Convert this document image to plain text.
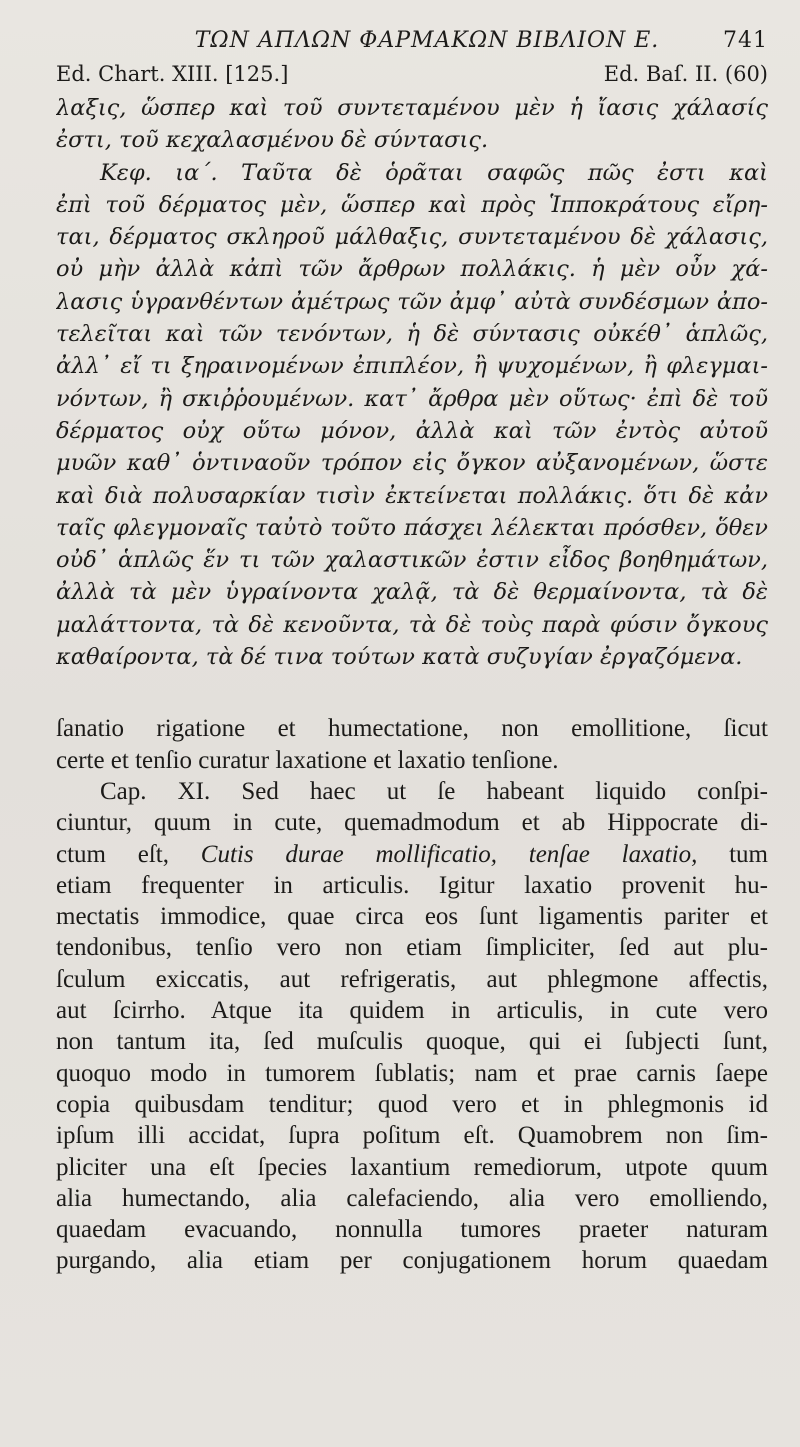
ΤΩΝ ΑΠΛΩΝ ΦΑΡΜΑΚΩΝ ΒΙΒΛΙΟΝ Ε.	741
Ed. Chart. XIII. [125.]	Ed. Baſ. II. (60)
λαξις, ὥσπερ καὶ τοῦ συντεταμένου μὲν ἡ ἴασις χάλασίς
ἐστι, τοῦ κεχαλασμένου δὲ σύντασις.
Κεφ. ια΄. Ταῦτα δὲ ὁρᾶται σαφῶς πῶς ἐστι καὶ
ἐπὶ τοῦ δέρματος μὲν, ὥσπερ καὶ πρὸς Ἱπποκράτους εἴρη-
ται, δέρματος σκληροῦ μάλθαξις, συντεταμένου δὲ χάλασις,
οὐ μὴν ἀλλὰ κἀπὶ τῶν ἄρθρων πολλάκις. ἡ μὲν οὖν χά-
λασις ὑγρανθέντων ἀμέτρως τῶν ἀμφ᾽ αὐτὰ συνδέσμων ἀπο-
τελεῖται καὶ τῶν τενόντων, ἡ δὲ σύντασις οὐκέθ᾽ ἁπλῶς,
ἀλλ᾽ εἴ τι ξηραινομένων ἐπιπλέον, ἢ ψυχομένων, ἢ φλεγμαι-
νόντων, ἢ σκιῤῥουμένων. κατ᾽ ἄρθρα μὲν οὕτως· ἐπὶ δὲ τοῦ
δέρματος οὐχ οὕτω μόνον, ἀλλὰ καὶ τῶν ἐντὸς αὐτοῦ
μυῶν καθ᾽ ὁντιναοῦν τρόπον εἰς ὄγκον αὐξανομένων, ὥστε
καὶ διὰ πολυσαρκίαν τισὶν ἐκτείνεται πολλάκις. ὅτι δὲ κἀν
ταῖς φλεγμοναῖς ταὐτὸ τοῦτο πάσχει λέλεκται πρόσθεν, ὅθεν
οὐδ᾽ ἁπλῶς ἕν τι τῶν χαλαστικῶν ἐστιν εἶδος βοηθημάτων,
ἀλλὰ τὰ μὲν ὑγραίνοντα χαλᾷ, τὰ δὲ θερμαίνοντα, τὰ δὲ
μαλάττοντα, τὰ δὲ κενοῦντα, τὰ δὲ τοὺς παρὰ φύσιν ὄγκους
καθαίροντα, τὰ δέ τινα τούτων κατὰ συζυγίαν ἐργαζόμενα.
ſanatio rigatione et humectatione, non emollitione, ſicut
certe et tenſio curatur laxatione et laxatio tenſione.
Cap. XI. Sed haec ut ſe habeant liquido conſpi-
ciuntur, quum in cute, quemadmodum et ab Hippocrate di-
ctum eſt, Cutis durae mollificatio, tenſae laxatio, tum
etiam frequenter in articulis. Igitur laxatio provenit hu-
mectatis immodice, quae circa eos ſunt ligamentis pariter et
tendonibus, tenſio vero non etiam ſimpliciter, ſed aut plu-
ſculum exiccatis, aut refrigeratis, aut phlegmone affectis,
aut ſcirrho. Atque ita quidem in articulis, in cute vero
non tantum ita, ſed muſculis quoque, qui ei ſubjecti ſunt,
quoquo modo in tumorem ſublatis; nam et prae carnis ſaepe
copia quibusdam tenditur; quod vero et in phlegmonis id
ipſum illi accidat, ſupra poſitum eſt. Quamobrem non ſim-
pliciter una eſt ſpecies laxantium remediorum, utpote quum
alia humectando, alia calefaciendo, alia vero emolliendo,
quaedam evacuando, nonnulla tumores praeter naturam
purgando, alia etiam per conjugationem horum quaedam
